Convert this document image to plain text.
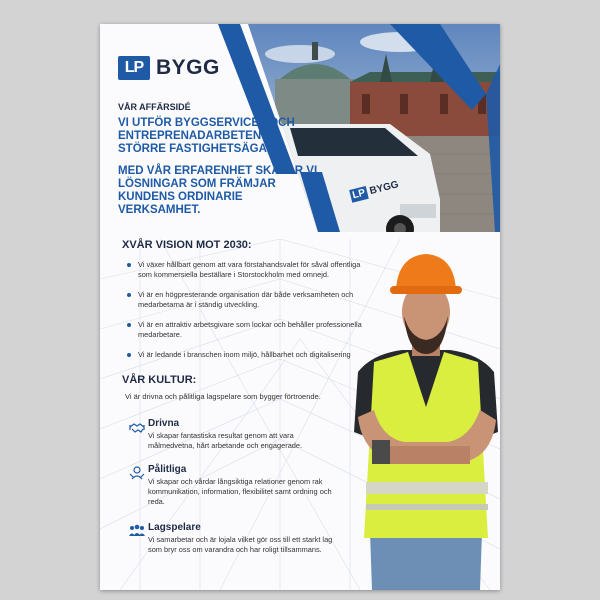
LP BYGG
LP BYGG
VÅR AFFÄRSIDÉ

VI UTFÖR BYGGSERVICE - OCH ENTREPRENADARBETEN ÅT STÖRRE FASTIGHETSÄGARE.

MED VÅR ERFARENHET SKAPAR VI LÖSNINGAR SOM FRÄMJAR KUNDENS ORDINARIE VERKSAMHET.

XVÅR VISION MOT 2030:
Vi växer hållbart genom att vara förstahandsvalet för såväl offentliga som kommersiella beställare i Storstockholm med omnejd.
Vi är en högpresterande organisation där både verksamheten och medarbetarna är i ständig utveckling.
Vi är en attraktiv arbetsgivare som lockar och behåller professionella medarbetare.
Vi är ledande i branschen inom miljö, hållbarhet och digitalisering
VÅR KULTUR:
Vi är drivna och pålitliga lagspelare som bygger förtroende.
Drivna
Vi skapar fantastiska resultat genom att vara målmedvetna, hårt arbetande och engagerade.
Pålitliga
Vi skapar och vårdar långsiktiga relationer genom rak kommunikation, information, flexibilitet samt ordning och reda.
Lagspelare
Vi samarbetar och är lojala vilket gör oss till ett starkt lag som bryr oss om varandra och har roligt tillsammans.
